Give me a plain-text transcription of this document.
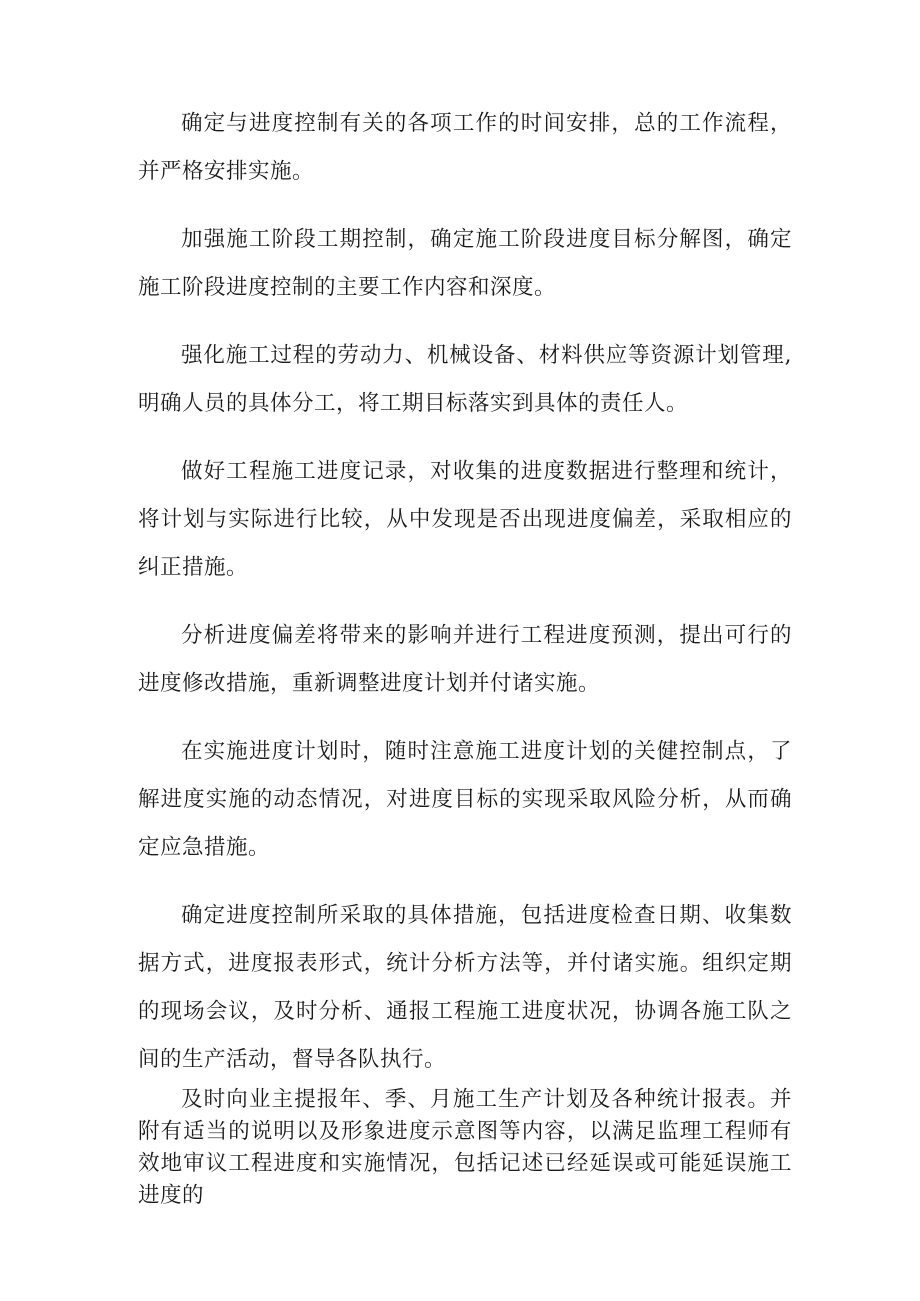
确定与进度控制有关的各项工作的时间安排，总的工作流程，并严格安排实施。

加强施工阶段工期控制，确定施工阶段进度目标分解图，确定施工阶段进度控制的主要工作内容和深度。

强化施工过程的劳动力、机械设备、材料供应等资源计划管理,明确人员的具体分工，将工期目标落实到具体的责任人。

做好工程施工进度记录，对收集的进度数据进行整理和统计，将计划与实际进行比较，从中发现是否出现进度偏差，采取相应的纠正措施。

分析进度偏差将带来的影响并进行工程进度预测，提出可行的进度修改措施，重新调整进度计划并付诸实施。

在实施进度计划时，随时注意施工进度计划的关健控制点，了解进度实施的动态情况，对进度目标的实现采取风险分析，从而确定应急措施。

确定进度控制所采取的具体措施，包括进度检查日期、收集数据方式，进度报表形式，统计分析方法等，并付诸实施。组织定期的现场会议，及时分析、通报工程施工进度状况，协调各施工队之间的生产活动，督导各队执行。

及时向业主提报年、季、月施工生产计划及各种统计报表。并附有适当的说明以及形象进度示意图等内容，以满足监理工程师有效地审议工程进度和实施情况，包括记述已经延误或可能延误施工进度的
